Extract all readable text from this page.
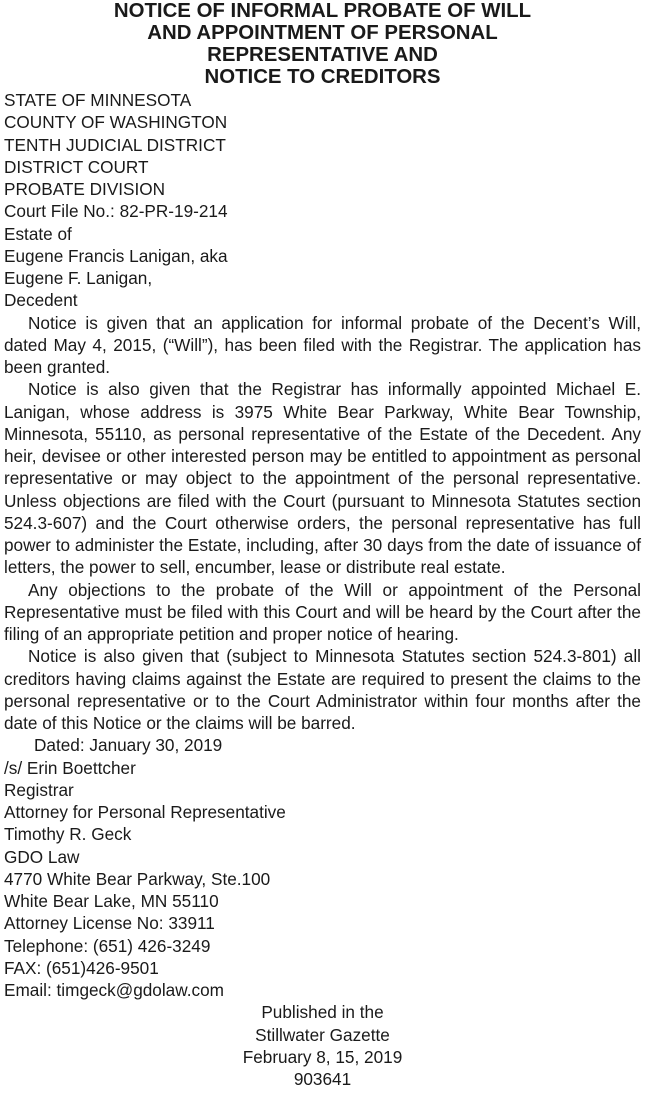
NOTICE OF INFORMAL PROBATE OF WILL
AND APPOINTMENT OF PERSONAL
REPRESENTATIVE AND
NOTICE TO CREDITORS
STATE OF MINNESOTA
COUNTY OF WASHINGTON
TENTH JUDICIAL DISTRICT
DISTRICT COURT
PROBATE DIVISION
Court File No.: 82-PR-19-214
Estate of
Eugene Francis Lanigan, aka
Eugene F. Lanigan,
Decedent

Notice is given that an application for informal probate of the Decent’s Will, dated May 4, 2015, (“Will”), has been filed with the Registrar. The application has been granted.

Notice is also given that the Registrar has informally appointed Michael E. Lanigan, whose address is 3975 White Bear Parkway, White Bear Township, Minnesota, 55110, as personal representative of the Estate of the Decedent. Any heir, devisee or other interested person may be entitled to appointment as personal representative or may object to the appointment of the personal representative. Unless objections are filed with the Court (pursuant to Minnesota Statutes section 524.3-607) and the Court otherwise orders, the personal representative has full power to administer the Estate, including, after 30 days from the date of issuance of letters, the power to sell, encumber, lease or distribute real estate.

Any objections to the probate of the Will or appointment of the Personal Representative must be filed with this Court and will be heard by the Court after the filing of an appropriate petition and proper notice of hearing.

Notice is also given that (subject to Minnesota Statutes section 524.3-801) all creditors having claims against the Estate are required to present the claims to the personal representative or to the Court Administrator within four months after the date of this Notice or the claims will be barred.

Dated: January 30, 2019
/s/ Erin Boettcher
Registrar
Attorney for Personal Representative
Timothy R. Geck
GDO Law
4770 White Bear Parkway, Ste.100
White Bear Lake, MN 55110
Attorney License No: 33911
Telephone: (651) 426-3249
FAX: (651)426-9501
Email: timgeck@gdolaw.com
Published in the
Stillwater Gazette
February 8, 15, 2019
903641
